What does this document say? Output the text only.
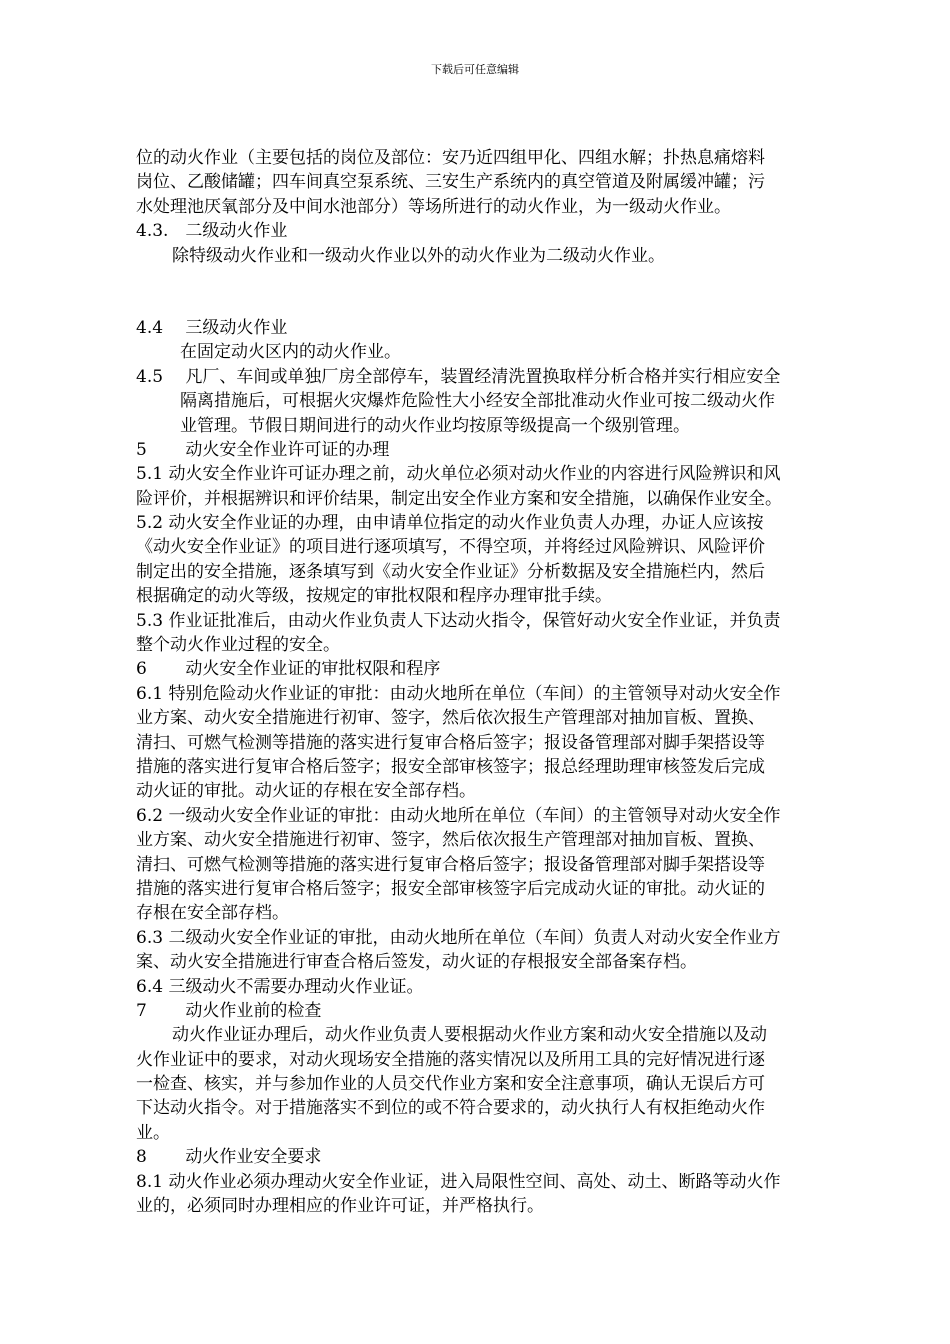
下载后可任意编辑
位的动火作业（主要包括的岗位及部位：安乃近四组甲化、四组水解；扑热息痛熔料
岗位、乙酸储罐；四车间真空泵系统、三安生产系统内的真空管道及附属缓冲罐；污
水处理池厌氧部分及中间水池部分）等场所进行的动火作业，为一级动火作业。
4.3. 二级动火作业
除特级动火作业和一级动火作业以外的动火作业为二级动火作业。
4.4 三级动火作业
在固定动火区内的动火作业。
4.5 凡厂、车间或单独厂房全部停车，装置经清洗置换取样分析合格并实行相应安全
隔离措施后，可根据火灾爆炸危险性大小经安全部批准动火作业可按二级动火作
业管理。节假日期间进行的动火作业均按原等级提高一个级别管理。
5 动火安全作业许可证的办理
5.1 动火安全作业许可证办理之前，动火单位必须对动火作业的内容进行风险辨识和风
险评价，并根据辨识和评价结果，制定出安全作业方案和安全措施，以确保作业安全。
5.2 动火安全作业证的办理，由申请单位指定的动火作业负责人办理，办证人应该按
《动火安全作业证》的项目进行逐项填写，不得空项，并将经过风险辨识、风险评价
制定出的安全措施，逐条填写到《动火安全作业证》分析数据及安全措施栏内，然后
根据确定的动火等级，按规定的审批权限和程序办理审批手续。
5.3 作业证批准后，由动火作业负责人下达动火指令，保管好动火安全作业证，并负责
整个动火作业过程的安全。
6 动火安全作业证的审批权限和程序
6.1 特别危险动火作业证的审批：由动火地所在单位（车间）的主管领导对动火安全作
业方案、动火安全措施进行初审、签字，然后依次报生产管理部对抽加盲板、置换、
清扫、可燃气检测等措施的落实进行复审合格后签字；报设备管理部对脚手架搭设等
措施的落实进行复审合格后签字；报安全部审核签字；报总经理助理审核签发后完成
动火证的审批。动火证的存根在安全部存档。
6.2 一级动火安全作业证的审批：由动火地所在单位（车间）的主管领导对动火安全作
业方案、动火安全措施进行初审、签字，然后依次报生产管理部对抽加盲板、置换、
清扫、可燃气检测等措施的落实进行复审合格后签字；报设备管理部对脚手架搭设等
措施的落实进行复审合格后签字；报安全部审核签字后完成动火证的审批。动火证的
存根在安全部存档。
6.3 二级动火安全作业证的审批，由动火地所在单位（车间）负责人对动火安全作业方
案、动火安全措施进行审查合格后签发，动火证的存根报安全部备案存档。
6.4 三级动火不需要办理动火作业证。
7 动火作业前的检查
动火作业证办理后，动火作业负责人要根据动火作业方案和动火安全措施以及动
火作业证中的要求，对动火现场安全措施的落实情况以及所用工具的完好情况进行逐
一检查、核实，并与参加作业的人员交代作业方案和安全注意事项，确认无误后方可
下达动火指令。对于措施落实不到位的或不符合要求的，动火执行人有权拒绝动火作
业。
8 动火作业安全要求
8.1 动火作业必须办理动火安全作业证，进入局限性空间、高处、动土、断路等动火作
业的，必须同时办理相应的作业许可证，并严格执行。
